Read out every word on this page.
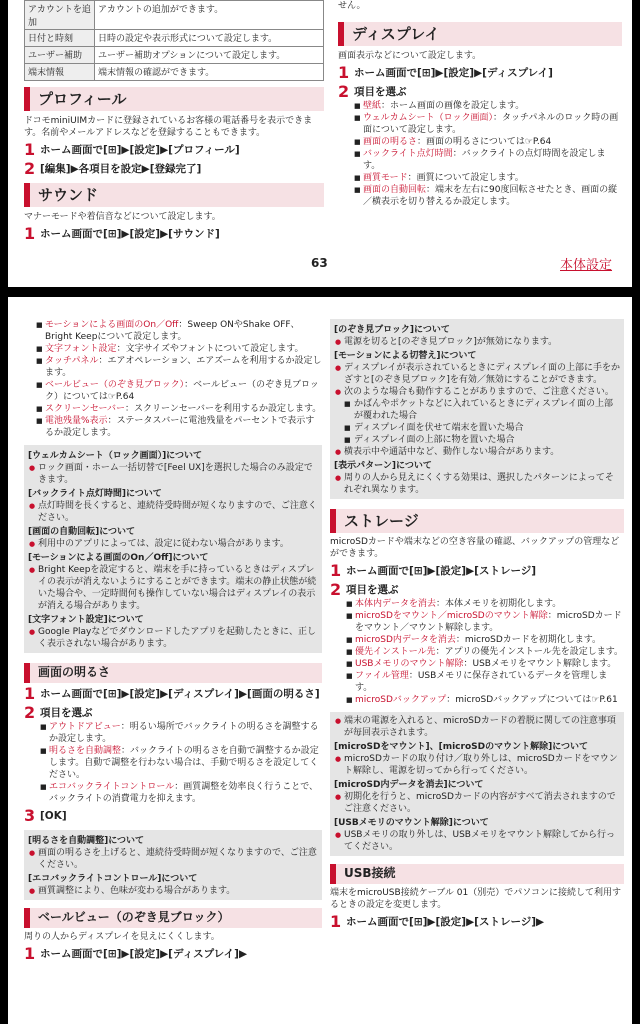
アカウントを追加	アカウントの追加ができます。
日付と時刻	日時の設定や表示形式について設定します。
ユーザー補助	ユーザー補助オプションについて設定します。
端末情報	端末情報の確認ができます。
プロフィール
ドコモminiUIMカードに登録されているお客様の電話番号を表示できます。名前やメールアドレスなどを登録することもできます。
1 ホーム画面で[⊞]▶[設定]▶[プロフィール]
2 [編集]▶各項目を設定▶[登録完了]
サウンド
マナーモードや着信音などについて設定します。
1 ホーム画面で[⊞]▶[設定]▶[サウンド]
せん。
ディスプレイ
画面表示などについて設定します。
1 ホーム画面で[⊞]▶[設定]▶[ディスプレイ]
2 項目を選ぶ
■ 壁紙：ホーム画面の画像を設定します。
■ ウェルカムシート（ロック画面）：タッチパネルのロック時の画面について設定します。
■ 画面の明るさ：画面の明るさについては☞P.64
■ バックライト点灯時間：バックライトの点灯時間を設定します。
■ 画質モード：画質について設定します。
■ 画面の自動回転：端末を左右に90度回転させたとき、画面の縦／横表示を切り替えるか設定します。
63	本体設定
■ モーションによる画面のOn／Off：Sweep ONやShake OFF、Bright Keepについて設定します。
■ 文字フォント設定：文字サイズやフォントについて設定します。
■ タッチパネル：エアオペレーション、エアズームを利用するか設定します。
■ ベールビュー（のぞき見ブロック）：ベールビュー（のぞき見ブロック）については☞P.64
■ スクリーンセーバー：スクリーンセーバーを利用するか設定します。
■ 電池残量%表示：ステータスバーに電池残量をパーセントで表示するか設定します。
[ウェルカムシート（ロック画面）]について
● ロック画面・ホーム一括切替で[Feel UX]を選択した場合のみ設定できます。
[バックライト点灯時間]について
● 点灯時間を長くすると、連続待受時間が短くなりますので、ご注意ください。
[画面の自動回転]について
● 利用中のアプリによっては、設定に従わない場合があります。
[モーションによる画面のOn／Off]について
● Bright Keepを設定すると、端末を手に持っているときはディスプレイの表示が消えないようにすることができます。端末の静止状態が続いた場合や、一定時間何も操作していない場合はディスプレイの表示が消える場合があります。
[文字フォント設定]について
● Google Playなどでダウンロードしたアプリを起動したときに、正しく表示されない場合があります。
画面の明るさ
1 ホーム画面で[⊞]▶[設定]▶[ディスプレイ]▶[画面の明るさ]
2 項目を選ぶ
■ アウトドアビュー：明るい場所でバックライトの明るさを調整するか設定します。
■ 明るさを自動調整：バックライトの明るさを自動で調整するか設定します。自動で調整を行わない場合は、手動で明るさを設定してください。
■ エコバックライトコントロール：画質調整を効率良く行うことで、バックライトの消費電力を抑えます。
3 [OK]
[明るさを自動調整]について
● 画面の明るさを上げると、連続待受時間が短くなりますので、ご注意ください。
[エコバックライトコントロール]について
● 画質調整により、色味が変わる場合があります。
ベールビュー（のぞき見ブロック）
周りの人からディスプレイを見えにくくします。
1 ホーム画面で[⊞]▶[設定]▶[ディスプレイ]▶
[のぞき見ブロック]について
● 電源を切ると[のぞき見ブロック]が無効になります。
[モーションによる切替え]について
● ディスプレイが表示されているときにディスプレイ面の上部に手をかざすと[のぞき見ブロック]を有効／無効にすることができます。
● 次のような場合も動作することがありますので、ご注意ください。
■ かばんやポケットなどに入れているときにディスプレイ面の上部が覆われた場合
■ ディスプレイ面を伏せて端末を置いた場合
■ ディスプレイ面の上部に物を置いた場合
● 横表示中や通話中など、動作しない場合があります。
[表示パターン]について
● 周りの人から見えにくくする効果は、選択したパターンによってそれぞれ異なります。
ストレージ
microSDカードや端末などの空き容量の確認、バックアップの管理などができます。
1 ホーム画面で[⊞]▶[設定]▶[ストレージ]
2 項目を選ぶ
■ 本体内データを消去：本体メモリを初期化します。
■ microSDをマウント／microSDのマウント解除：microSDカードをマウント／マウント解除します。
■ microSD内データを消去：microSDカードを初期化します。
■ 優先インストール先：アプリの優先インストール先を設定します。
■ USBメモリのマウント解除：USBメモリをマウント解除します。
■ ファイル管理：USBメモリに保存されているデータを管理します。
■ microSDバックアップ：microSDバックアップについては☞P.61
● 端末の電源を入れると、microSDカードの着脱に関しての注意事項が毎回表示されます。
[microSDをマウント]、[microSDのマウント解除]について
● microSDカードの取り付け／取り外しは、microSDカードをマウント解除し、電源を切ってから行ってください。
[microSD内データを消去]について
● 初期化を行うと、microSDカードの内容がすべて消去されますのでご注意ください。
[USBメモリのマウント解除]について
● USBメモリの取り外しは、USBメモリをマウント解除してから行ってください。
USB接続
端末をmicroUSB接続ケーブル 01（別売）でパソコンに接続して利用するときの設定を変更します。
1 ホーム画面で[⊞]▶[設定]▶[ストレージ]▶
